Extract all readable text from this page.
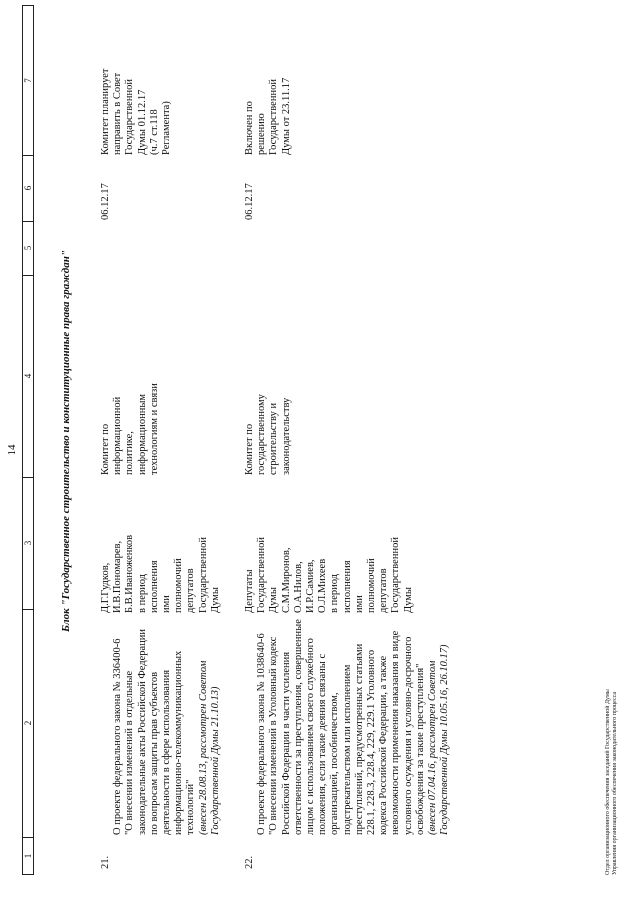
14
1
2
3
4
5
6
7
Блок "Государственное строительство и конституционные права граждан"
21.

О проекте федерального закона № 336400-6
"О внесении изменений в отдельные законодательные акты Российской Федерации по вопросам защиты прав субъектов деятельности в сфере использования информационно-телекоммуникационных технологий" (внесен 28.08.13, рассмотрен Советом Государственной Думы 21.10.13)

Д.Г.Гудков,
И.В.Пономарев,
Б.В.Иваноженков
в период
исполнения ими
полномочий
депутатов
Государственной
Думы
Комитет по
информационной
политике,
информационным
технологиям и связи
06.12.17
Комитет планирует
направить в Совет
Государственной
Думы 01.12.17
(ч.7 ст.118
Регламента)
22.

О проекте федерального закона № 1038640-6
"О внесении изменений в Уголовный кодекс Российской Федерации в части усиления ответственности за преступления, совершенные лицом с использованием своего служебного положения, если такие деяния связаны с организацией, пособничеством, подстрекательством или исполнением преступлений, предусмотренных статьями 228.1, 228.3, 228.4, 229, 229.1 Уголовного кодекса Российской Федерации, а также невозможности применения наказания в виде условного осуждения и условно-досрочного освобождения за такие преступления" (внесен 07.04.16, рассмотрен Советом Государственной Думы 10.05.16, 26.10.17)

Депутаты
Государственной
Думы
С.М.Миронов,
О.А.Нилов,
И.Р.Самиев,
О.Л.Михеев
в период
исполнения ими
полномочий
депутатов
Государственной
Думы
Комитет по
государственному
строительству и
законодательству
06.12.17
Включен по
решению
Государственной
Думы от 23.11.17
Отдел организационного обеспечения заседаний Государственной Думы Управления организационного обеспечения законодательного процесса
